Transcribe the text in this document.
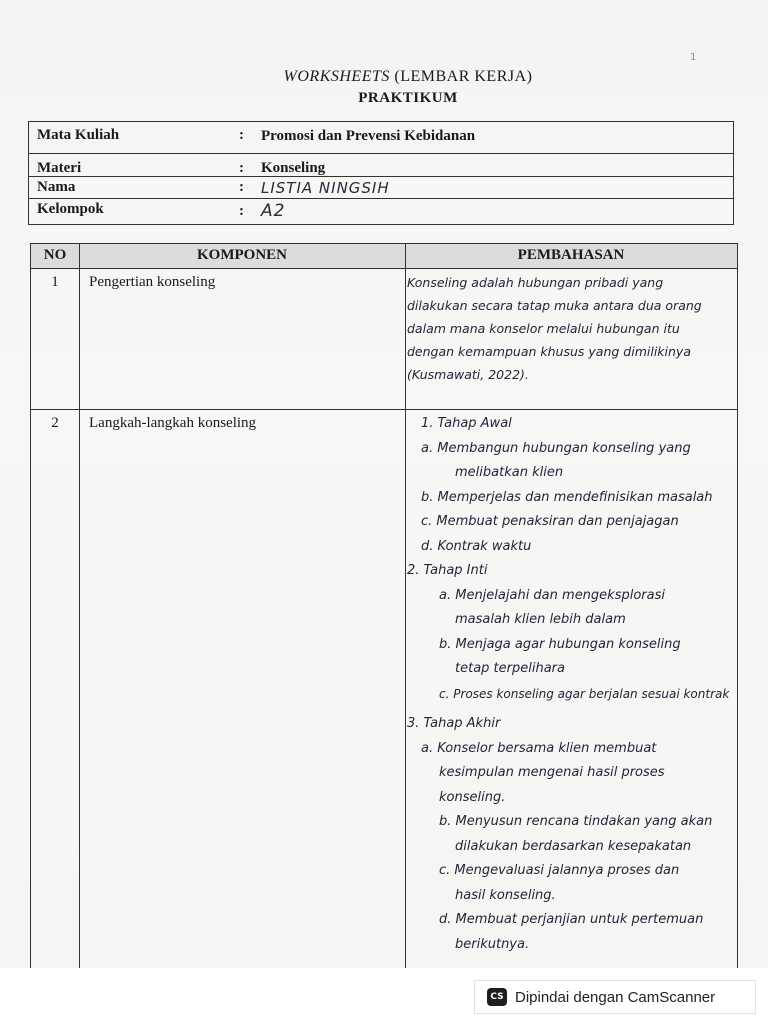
1
WORKSHEETS (LEMBAR KERJA)
PRAKTIKUM
Mata Kuliah	: Promosi dan Prevensi Kebidanan
Materi	: Konseling
Nama	: LISTIA NINGSIH
Kelompok	: A2
NO	KOMPONEN	PEMBAHASAN
1	Pengertian konseling	Konseling adalah hubungan pribadi yang
dilakukan secara tatap muka antara dua orang
dalam mana konselor melalui hubungan itu
dengan kemampuan khusus yang dimilikinya
(Kusmawati, 2022).
2	Langkah-langkah konseling	1. Tahap Awal
a. Membangun hubungan konseling yang
melibatkan klien
b. Memperjelas dan mendefinisikan masalah
c. Membuat penaksiran dan penjajagan
d. Kontrak waktu
2. Tahap Inti
a. Menjelajahi dan mengeksplorasi
masalah klien lebih dalam
b. Menjaga agar hubungan konseling
tetap terpelihara
c. Proses konseling agar berjalan sesuai kontrak
3. Tahap Akhir
a. Konselor bersama klien membuat
kesimpulan mengenai hasil proses
konseling.
b. Menyusun rencana tindakan yang akan
dilakukan berdasarkan kesepakatan
c. Mengevaluasi jalannya proses dan
hasil konseling.
d. Membuat perjanjian untuk pertemuan
berikutnya.
CS Dipindai dengan CamScanner
